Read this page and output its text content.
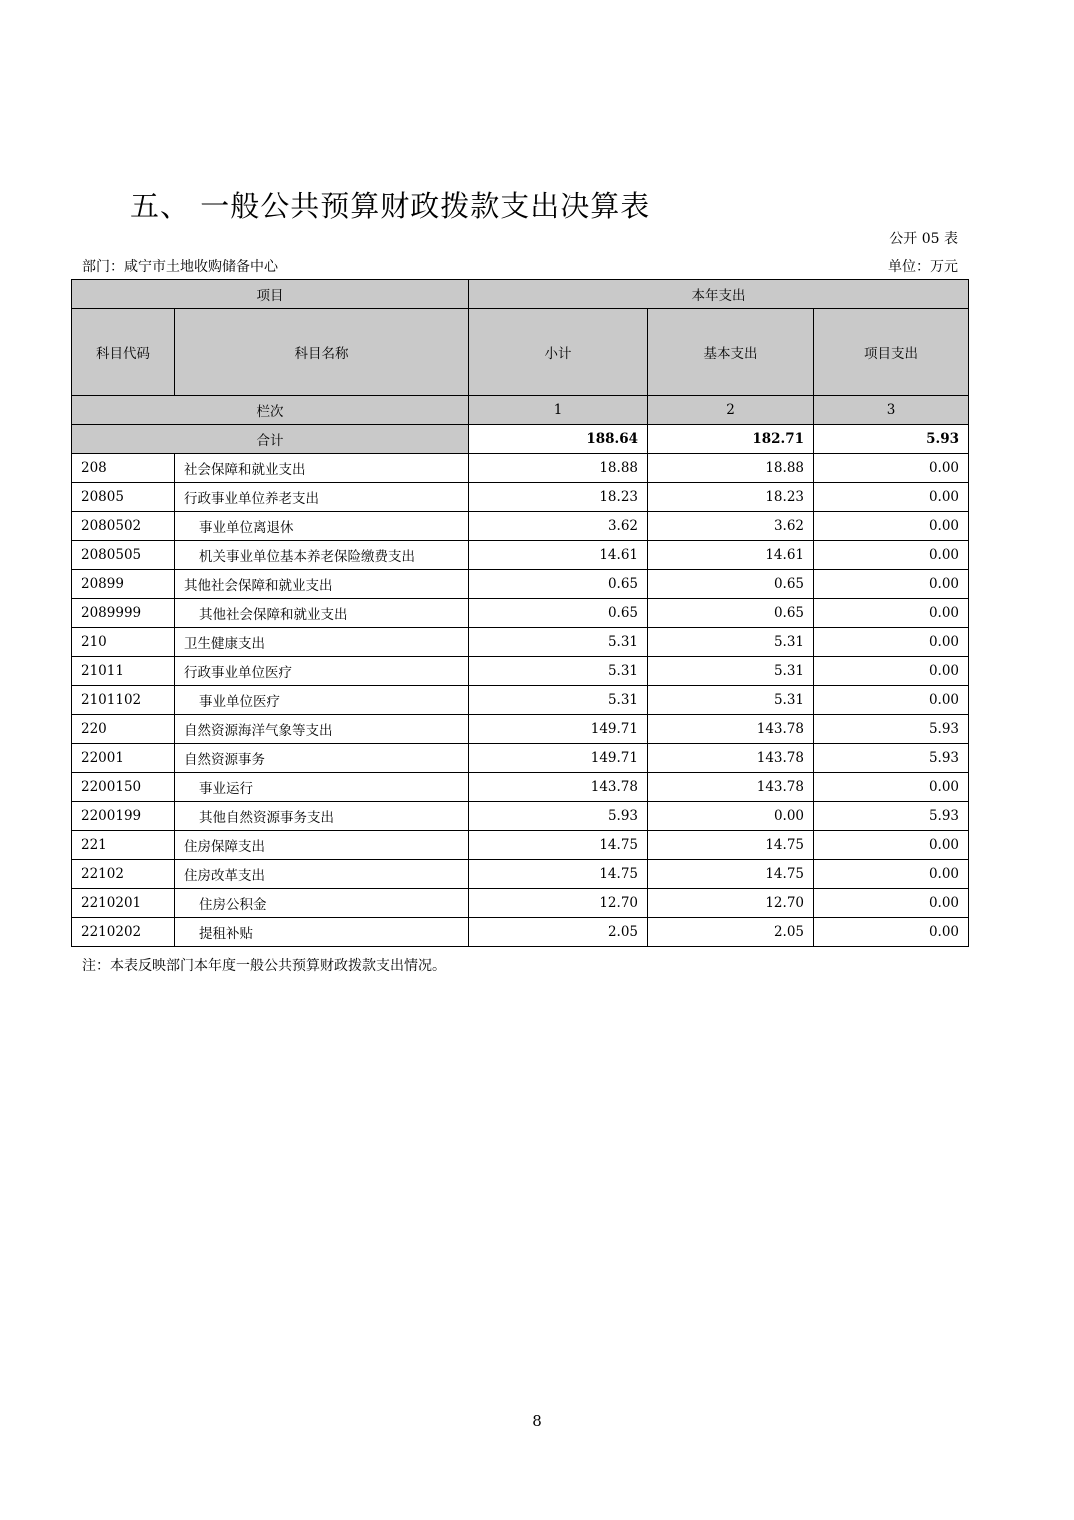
五、 一般公共预算财政拨款支出决算表
公开 05 表
部门：咸宁市土地收购储备中心	单位：万元
项目		本年支出		
科目代码	科目名称	小计	基本支出	项目支出
栏次		1	2	3
合计		188.64	182.71	5.93
208	社会保障和就业支出	18.88	18.88	0.00
20805	行政事业单位养老支出	18.23	18.23	0.00
2080502	事业单位离退休	3.62	3.62	0.00
2080505	机关事业单位基本养老保险缴费支出	14.61	14.61	0.00
20899	其他社会保障和就业支出	0.65	0.65	0.00
2089999	其他社会保障和就业支出	0.65	0.65	0.00
210	卫生健康支出	5.31	5.31	0.00
21011	行政事业单位医疗	5.31	5.31	0.00
2101102	事业单位医疗	5.31	5.31	0.00
220	自然资源海洋气象等支出	149.71	143.78	5.93
22001	自然资源事务	149.71	143.78	5.93
2200150	事业运行	143.78	143.78	0.00
2200199	其他自然资源事务支出	5.93	0.00	5.93
221	住房保障支出	14.75	14.75	0.00
22102	住房改革支出	14.75	14.75	0.00
2210201	住房公积金	12.70	12.70	0.00
2210202	提租补贴	2.05	2.05	0.00
注：本表反映部门本年度一般公共预算财政拨款支出情况。
8
